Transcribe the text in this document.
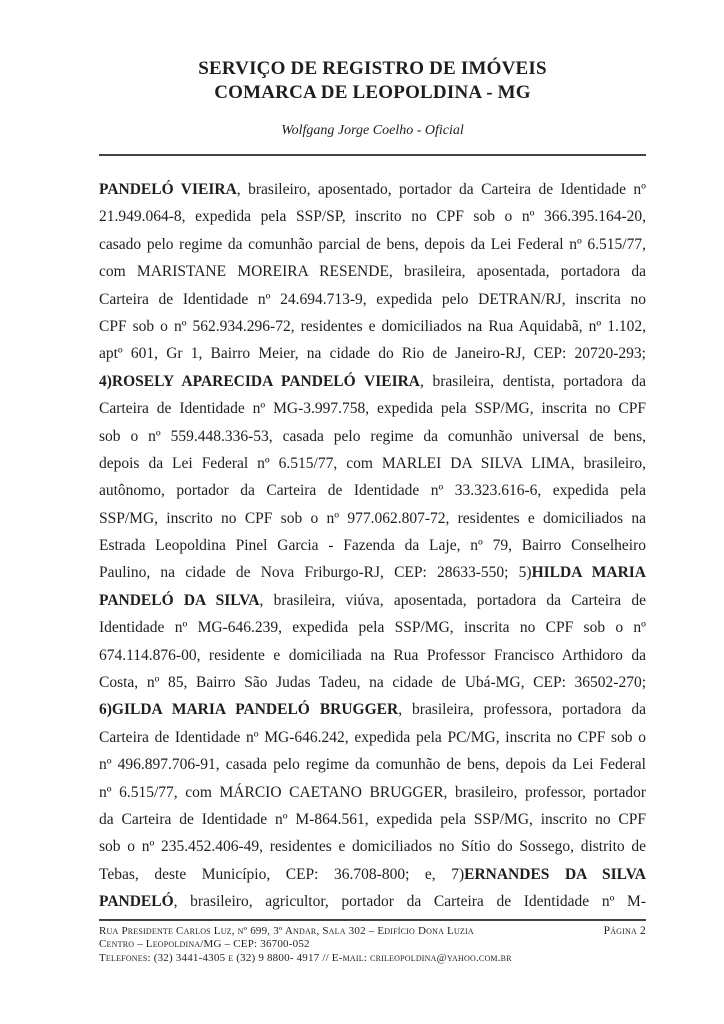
SERVIÇO DE REGISTRO DE IMÓVEIS
COMARCA DE LEOPOLDINA - MG
Wolfgang Jorge Coelho - Oficial
PANDELÓ VIEIRA, brasileiro, aposentado, portador da Carteira de Identidade nº
21.949.064-8, expedida pela SSP/SP, inscrito no CPF sob o nº 366.395.164-20,
casado pelo regime da comunhão parcial de bens, depois da Lei Federal nº 6.515/77,
com MARISTANE MOREIRA RESENDE, brasileira, aposentada, portadora da
Carteira de Identidade nº 24.694.713-9, expedida pelo DETRAN/RJ, inscrita no
CPF sob o nº 562.934.296-72, residentes e domiciliados na Rua Aquidabã, nº 1.102,
aptº 601, Gr 1, Bairro Meier, na cidade do Rio de Janeiro-RJ, CEP: 20720-293;
4)ROSELY APARECIDA PANDELÓ VIEIRA, brasileira, dentista, portadora da
Carteira de Identidade nº MG-3.997.758, expedida pela SSP/MG, inscrita no CPF
sob o nº 559.448.336-53, casada pelo regime da comunhão universal de bens,
depois da Lei Federal nº 6.515/77, com MARLEI DA SILVA LIMA, brasileiro,
autônomo, portador da Carteira de Identidade nº 33.323.616-6, expedida pela
SSP/MG, inscrito no CPF sob o nº 977.062.807-72, residentes e domiciliados na
Estrada Leopoldina Pinel Garcia - Fazenda da Laje, nº 79, Bairro Conselheiro
Paulino, na cidade de Nova Friburgo-RJ, CEP: 28633-550; 5)HILDA MARIA
PANDELÓ DA SILVA, brasileira, viúva, aposentada, portadora da Carteira de
Identidade nº MG-646.239, expedida pela SSP/MG, inscrita no CPF sob o nº
674.114.876-00, residente e domiciliada na Rua Professor Francisco Arthidoro da
Costa, nº 85, Bairro São Judas Tadeu, na cidade de Ubá-MG, CEP: 36502-270;
6)GILDA MARIA PANDELÓ BRUGGER, brasileira, professora, portadora da
Carteira de Identidade nº MG-646.242, expedida pela PC/MG, inscrita no CPF sob o
nº 496.897.706-91, casada pelo regime da comunhão de bens, depois da Lei Federal
nº 6.515/77, com MÁRCIO CAETANO BRUGGER, brasileiro, professor, portador
da Carteira de Identidade nº M-864.561, expedida pela SSP/MG, inscrito no CPF
sob o nº 235.452.406-49, residentes e domiciliados no Sítio do Sossego, distrito de
Tebas, deste Município, CEP: 36.708-800; e, 7)ERNANDES DA SILVA
PANDELÓ, brasileiro, agricultor, portador da Carteira de Identidade nº M-
Rua Presidente Carlos Luz, nº 699, 3º Andar, Sala 302 – Edifício Dona Luzia
Centro – Leopoldina/MG – CEP: 36700-052
Telefones: (32) 3441-4305 e (32) 9 8800- 4917 // E-mail: crileopoldina@yahoo.com.br
Página 2
